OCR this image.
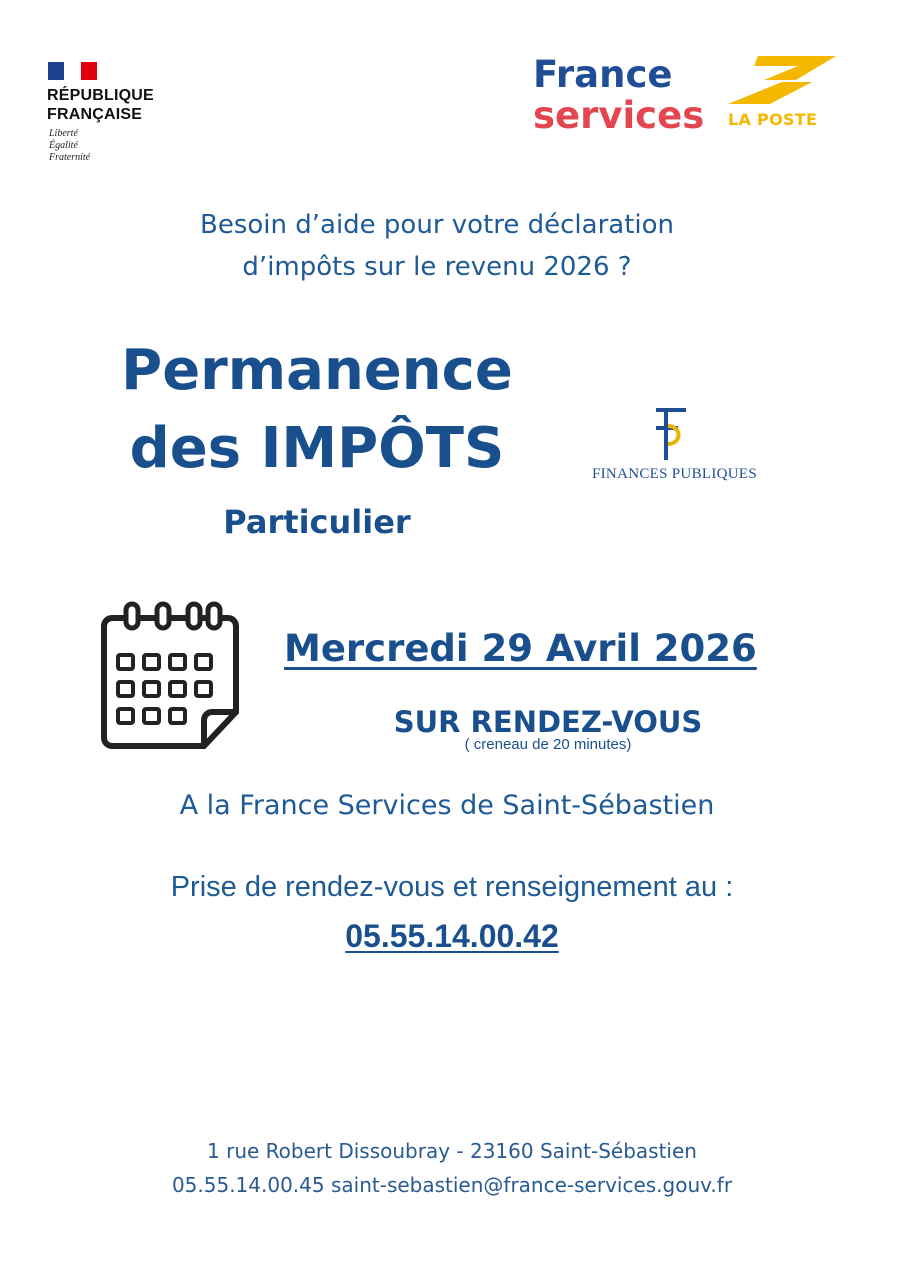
RÉPUBLIQUE
FRANÇAISE
Liberté
Égalité
Fraternité
France
services LA POSTE
Besoin d’aide pour votre déclaration
d’impôts sur le revenu 2026 ?
Permanence
des IMPÔTS
Particulier
FINANCES PUBLIQUES
Mercredi 29 Avril 2026
SUR RENDEZ-VOUS
( creneau de 20 minutes)
A la France Services de Saint-Sébastien
Prise de rendez-vous et renseignement au :
05.55.14.00.42
1 rue Robert Dissoubray - 23160 Saint-Sébastien
05.55.14.00.45 saint-sebastien@france-services.gouv.fr
